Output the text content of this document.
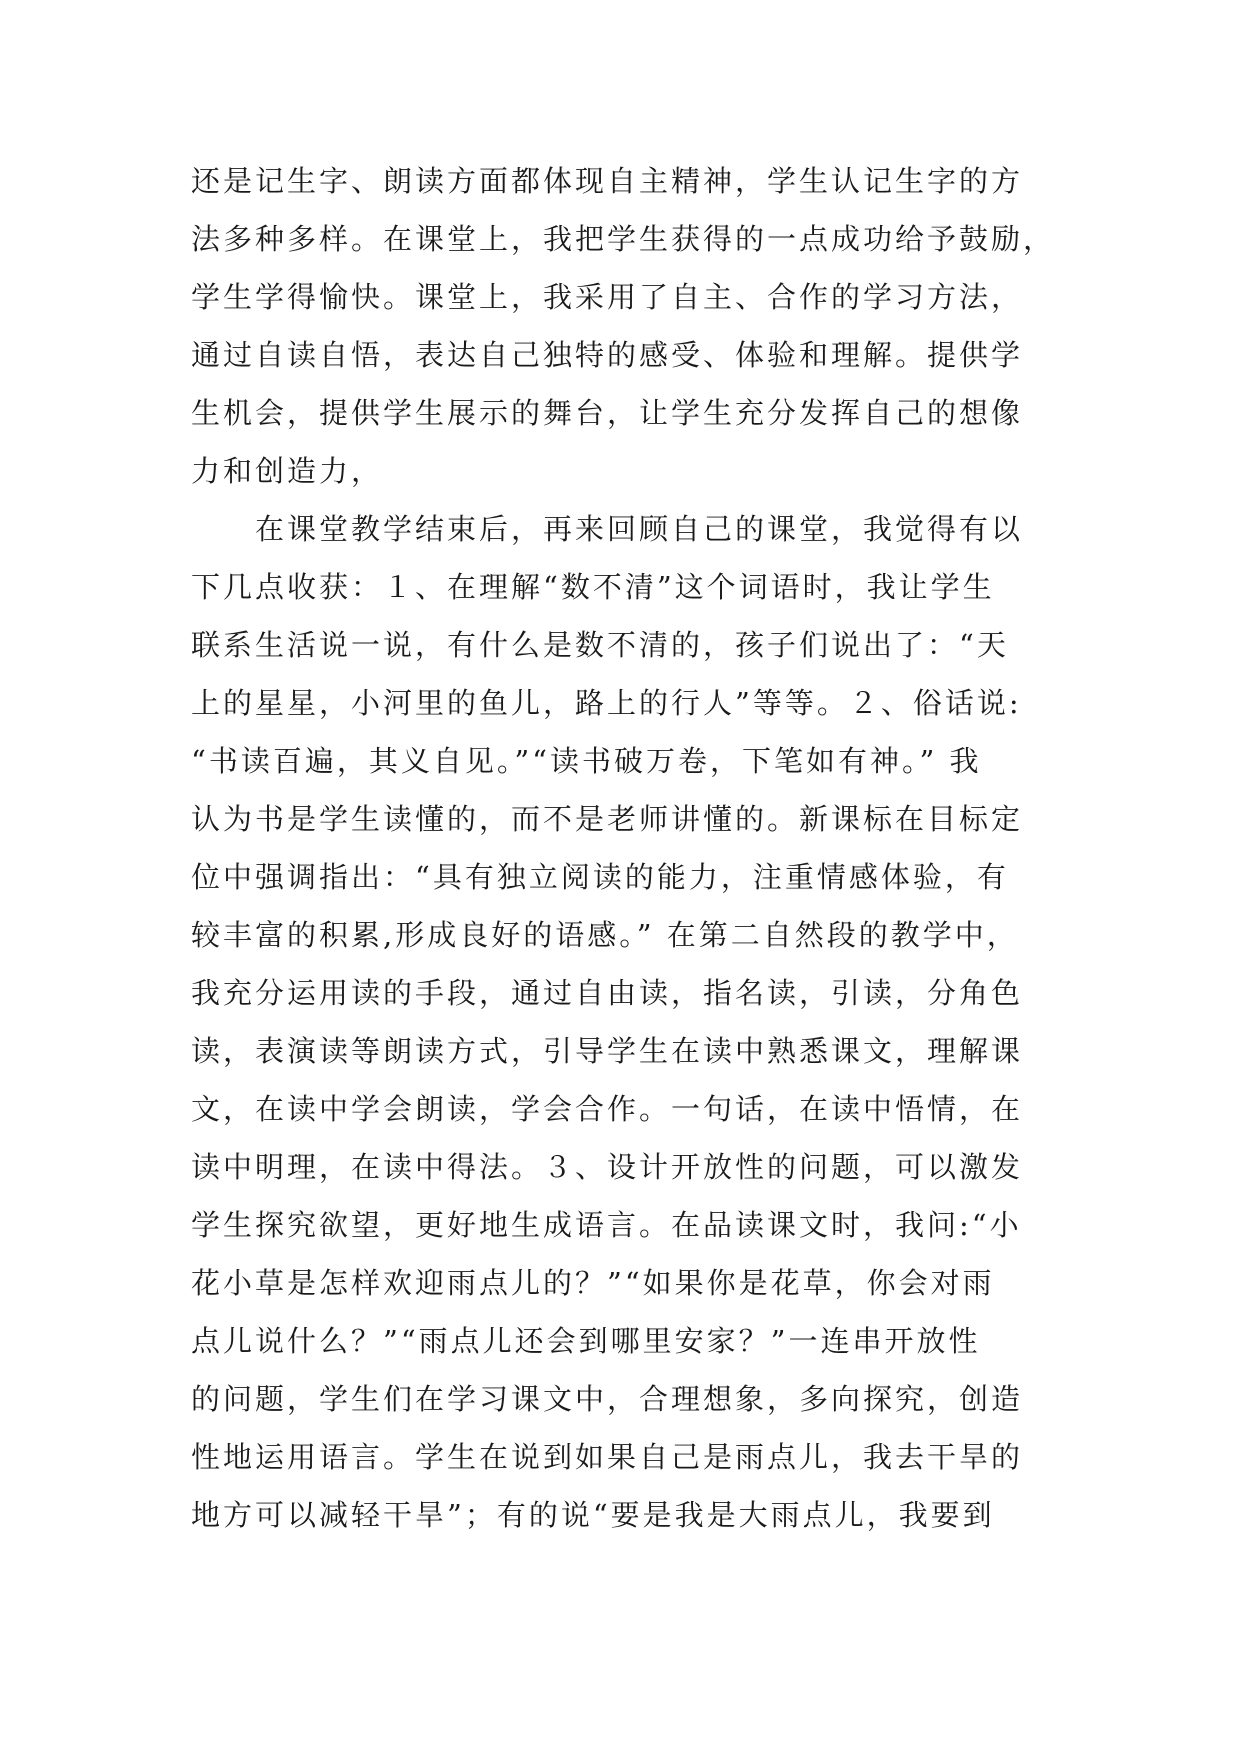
还是记生字、朗读方面都体现自主精神，学生认记生字的方
法多种多样。在课堂上，我把学生获得的一点成功给予鼓励，
学生学得愉快。课堂上，我采用了自主、合作的学习方法，
通过自读自悟，表达自己独特的感受、体验和理解。提供学
生机会，提供学生展示的舞台，让学生充分发挥自己的想像
力和创造力，
　　在课堂教学结束后，再来回顾自己的课堂，我觉得有以
下几点收获：１、在理解“数不清”这个词语时，我让学生
联系生活说一说，有什么是数不清的，孩子们说出了：“天
上的星星，小河里的鱼儿，路上的行人”等等。２、俗话说:
“书读百遍，其义自见。”“读书破万卷，下笔如有神。” 我
认为书是学生读懂的，而不是老师讲懂的。新课标在目标定
位中强调指出：“具有独立阅读的能力，注重情感体验，有
较丰富的积累,形成良好的语感。” 在第二自然段的教学中，
我充分运用读的手段，通过自由读，指名读，引读，分角色
读，表演读等朗读方式，引导学生在读中熟悉课文，理解课
文，在读中学会朗读，学会合作。一句话，在读中悟情，在
读中明理，在读中得法。３、设计开放性的问题，可以激发
学生探究欲望，更好地生成语言。在品读课文时，我问:“小
花小草是怎样欢迎雨点儿的？”“如果你是花草，你会对雨
点儿说什么？”“雨点儿还会到哪里安家？”一连串开放性
的问题，学生们在学习课文中，合理想象，多向探究，创造
性地运用语言。学生在说到如果自己是雨点儿，我去干旱的
地方可以减轻干旱”；有的说“要是我是大雨点儿，我要到
